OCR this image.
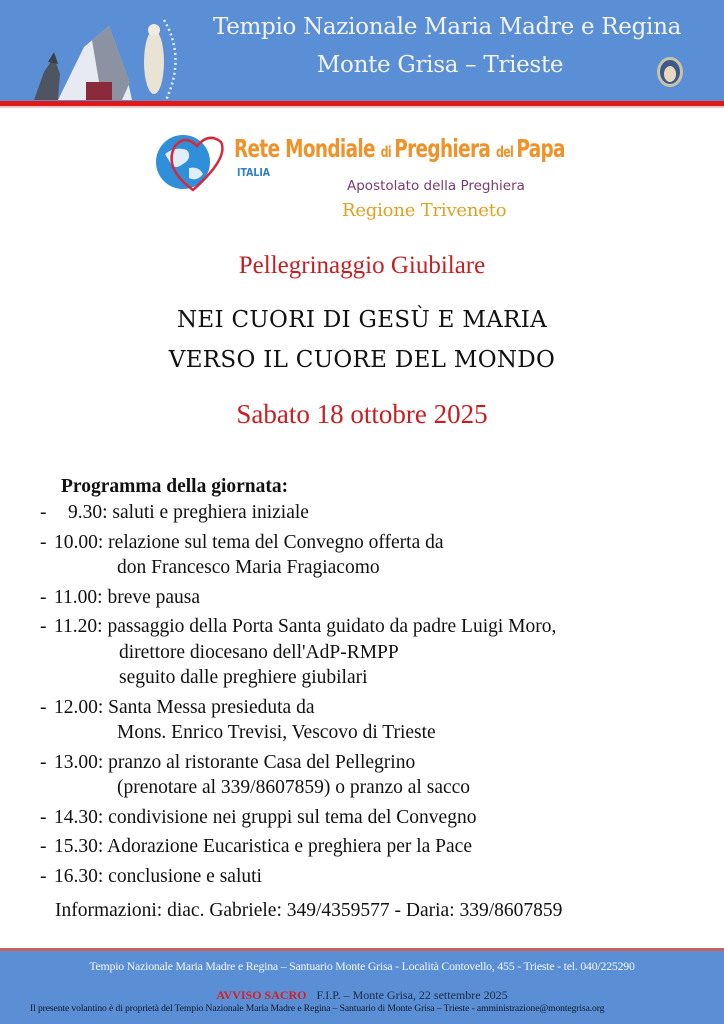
Tempio Nazionale Maria Madre e Regina
Monte Grisa – Trieste
Rete Mondiale di Preghiera del Papa
ITALIA
Apostolato della Preghiera
Regione Triveneto
Pellegrinaggio Giubilare
NEI CUORI DI GESÙ E MARIA
VERSO IL CUORE DEL MONDO
Sabato 18 ottobre 2025
Programma della giornata:
- 9.30: saluti e preghiera iniziale
- 10.00: relazione sul tema del Convegno offerta da
don Francesco Maria Fragiacomo
- 11.00: breve pausa
- 11.20: passaggio della Porta Santa guidato da padre Luigi Moro,
direttore diocesano dell'AdP-RMPP
seguito dalle preghiere giubilari
- 12.00: Santa Messa presieduta da
Mons. Enrico Trevisi, Vescovo di Trieste
- 13.00: pranzo al ristorante Casa del Pellegrino
(prenotare al 339/8607859) o pranzo al sacco
- 14.30: condivisione nei gruppi sul tema del Convegno
- 15.30: Adorazione Eucaristica e preghiera per la Pace
- 16.30: conclusione e saluti
Informazioni: diac. Gabriele: 349/4359577 - Daria: 339/8607859
Tempio Nazionale Maria Madre e Regina – Santuario Monte Grisa - Località Contovello, 455 - Trieste - tel. 040/225290
AVVISO SACRO F.I.P. – Monte Grisa, 22 settembre 2025
Il presente volantino è di proprietà del Tempio Nazionale Maria Madre e Regina – Santuario di Monte Grisa – Trieste - amministrazione@montegrisa.org
